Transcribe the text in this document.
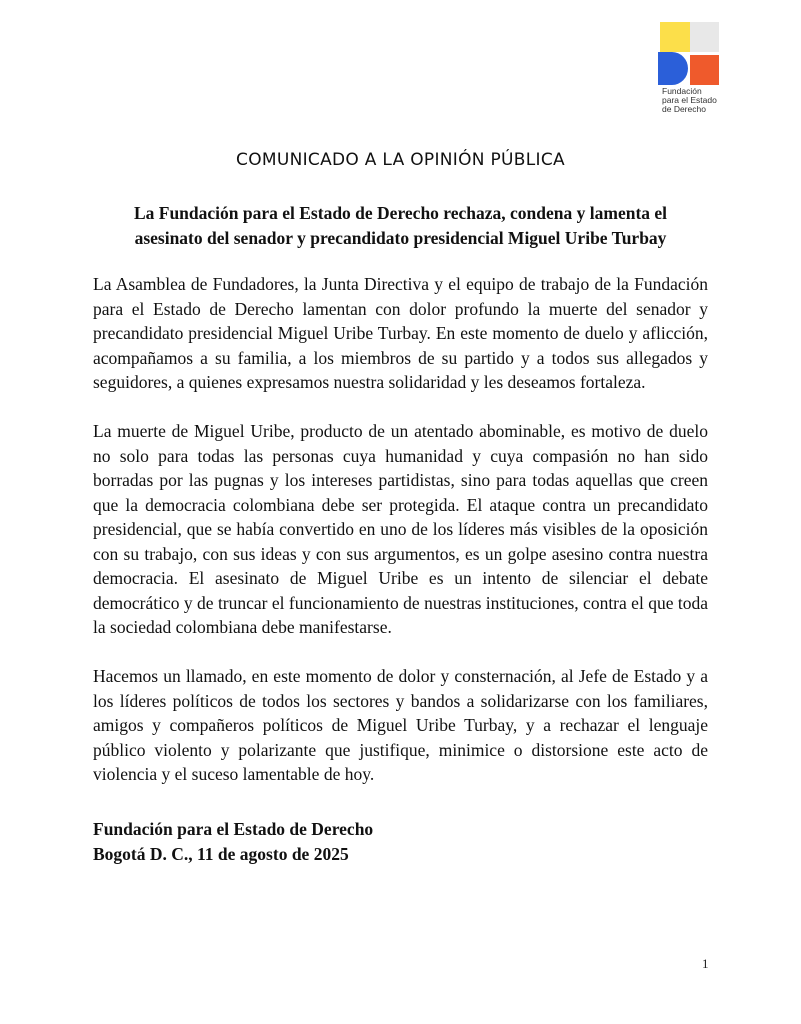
Fundación
para el Estado
de Derecho
COMUNICADO A LA OPINIÓN PÚBLICA
La Fundación para el Estado de Derecho rechaza, condena y lamenta el asesinato del senador y precandidato presidencial Miguel Uribe Turbay

La Asamblea de Fundadores, la Junta Directiva y el equipo de trabajo de la Fundación para el Estado de Derecho lamentan con dolor profundo la muerte del senador y precandidato presidencial Miguel Uribe Turbay. En este momento de duelo y aflicción, acompañamos a su familia, a los miembros de su partido y a todos sus allegados y seguidores, a quienes expresamos nuestra solidaridad y les deseamos fortaleza.

La muerte de Miguel Uribe, producto de un atentado abominable, es motivo de duelo no solo para todas las personas cuya humanidad y cuya compasión no han sido borradas por las pugnas y los intereses partidistas, sino para todas aquellas que creen que la democracia colombiana debe ser protegida. El ataque contra un precandidato presidencial, que se había convertido en uno de los líderes más visibles de la oposición con su trabajo, con sus ideas y con sus argumentos, es un golpe asesino contra nuestra democracia. El asesinato de Miguel Uribe es un intento de silenciar el debate democrático y de truncar el funcionamiento de nuestras instituciones, contra el que toda la sociedad colombiana debe manifestarse.

Hacemos un llamado, en este momento de dolor y consternación, al Jefe de Estado y a los líderes políticos de todos los sectores y bandos a solidarizarse con los familiares, amigos y compañeros políticos de Miguel Uribe Turbay, y a rechazar el lenguaje público violento y polarizante que justifique, minimice o distorsione este acto de violencia y el suceso lamentable de hoy.

Fundación para el Estado de Derecho
Bogotá D. C., 11 de agosto de 2025
1
